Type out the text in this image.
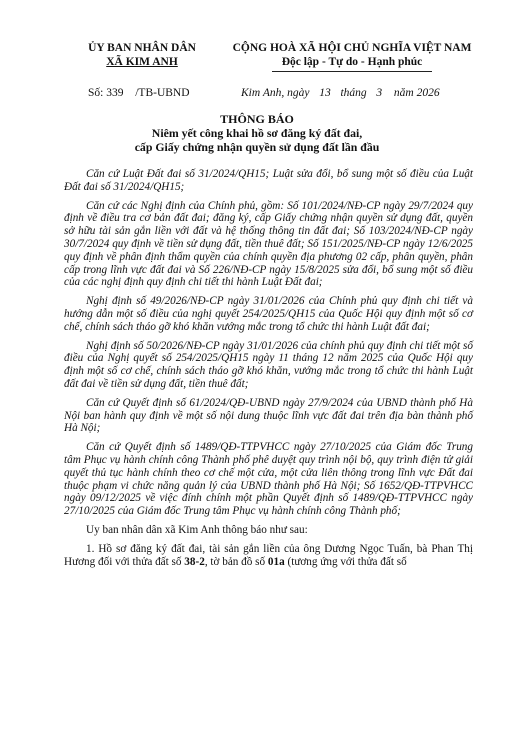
ỦY BAN NHÂN DÂN
XÃ KIM ANH
CỘNG HOÀ XÃ HỘI CHỦ NGHĨA VIỆT NAM
Độc lập - Tự do - Hạnh phúc
Số: 339 /TB-UBND	Kim Anh, ngày 13 tháng 3 năm 2026
THÔNG BÁO
Niêm yết công khai hồ sơ đăng ký đất đai,
cấp Giấy chứng nhận quyền sử dụng đất lần đầu

Căn cứ Luật Đất đai số 31/2024/QH15; Luật sửa đổi, bổ sung một số điều của Luật Đất đai số 31/2024/QH15;

Căn cứ các Nghị định của Chính phủ, gồm: Số 101/2024/NĐ-CP ngày 29/7/2024 quy định về điều tra cơ bản đất đai; đăng ký, cấp Giấy chứng nhận quyền sử dụng đất, quyền sở hữu tài sản gắn liền với đất và hệ thống thông tin đất đai; Số 103/2024/NĐ-CP ngày 30/7/2024 quy định về tiền sử dụng đất, tiền thuê đất; Số 151/2025/NĐ-CP ngày 12/6/2025 quy định về phân định thẩm quyền của chính quyền địa phương 02 cấp, phân quyền, phân cấp trong lĩnh vực đất đai và Số 226/NĐ-CP ngày 15/8/2025 sửa đổi, bổ sung một số điều của các nghị định quy định chi tiết thi hành Luật Đất đai;

Nghị định số 49/2026/NĐ-CP ngày 31/01/2026 của Chính phủ quy định chi tiết và hướng dẫn một số điều của nghị quyết 254/2025/QH15 của Quốc Hội quy định một số cơ chế, chính sách tháo gỡ khó khăn vướng mắc trong tổ chức thi hành Luật đất đai;

Nghị định số 50/2026/NĐ-CP ngày 31/01/2026 của chính phủ quy định chi tiết một số điều của Nghị quyết số 254/2025/QH15 ngày 11 tháng 12 năm 2025 của Quốc Hội quy định một số cơ chế, chính sách tháo gỡ khó khăn, vướng mắc trong tổ chức thi hành Luật đất đai về tiền sử dụng đất, tiền thuê đất;

Căn cứ Quyết định số 61/2024/QĐ-UBND ngày 27/9/2024 của UBND thành phố Hà Nội ban hành quy định về một số nội dung thuộc lĩnh vực đất đai trên địa bàn thành phố Hà Nội;

Căn cứ Quyết định số 1489/QĐ-TTPVHCC ngày 27/10/2025 của Giám đốc Trung tâm Phục vụ hành chính công Thành phố phê duyệt quy trình nội bộ, quy trình điện tử giải quyết thủ tục hành chính theo cơ chế một cửa, một cửa liên thông trong lĩnh vực Đất đai thuộc phạm vi chức năng quản lý của UBND thành phố Hà Nội; Số 1652/QĐ-TTPVHCC ngày 09/12/2025 về việc đính chính một phần Quyết định số 1489/QĐ-TTPVHCC ngày 27/10/2025 của Giám đốc Trung tâm Phục vụ hành chính công Thành phố;

Uy ban nhân dân xã Kim Anh thông báo như sau:

1. Hồ sơ đăng ký đất đai, tài sản gắn liền của ông Dương Ngọc Tuấn, bà Phan Thị Hương đối với thửa đất số 38-2, tờ bản đồ số 01a (tương ứng với thửa đất số
